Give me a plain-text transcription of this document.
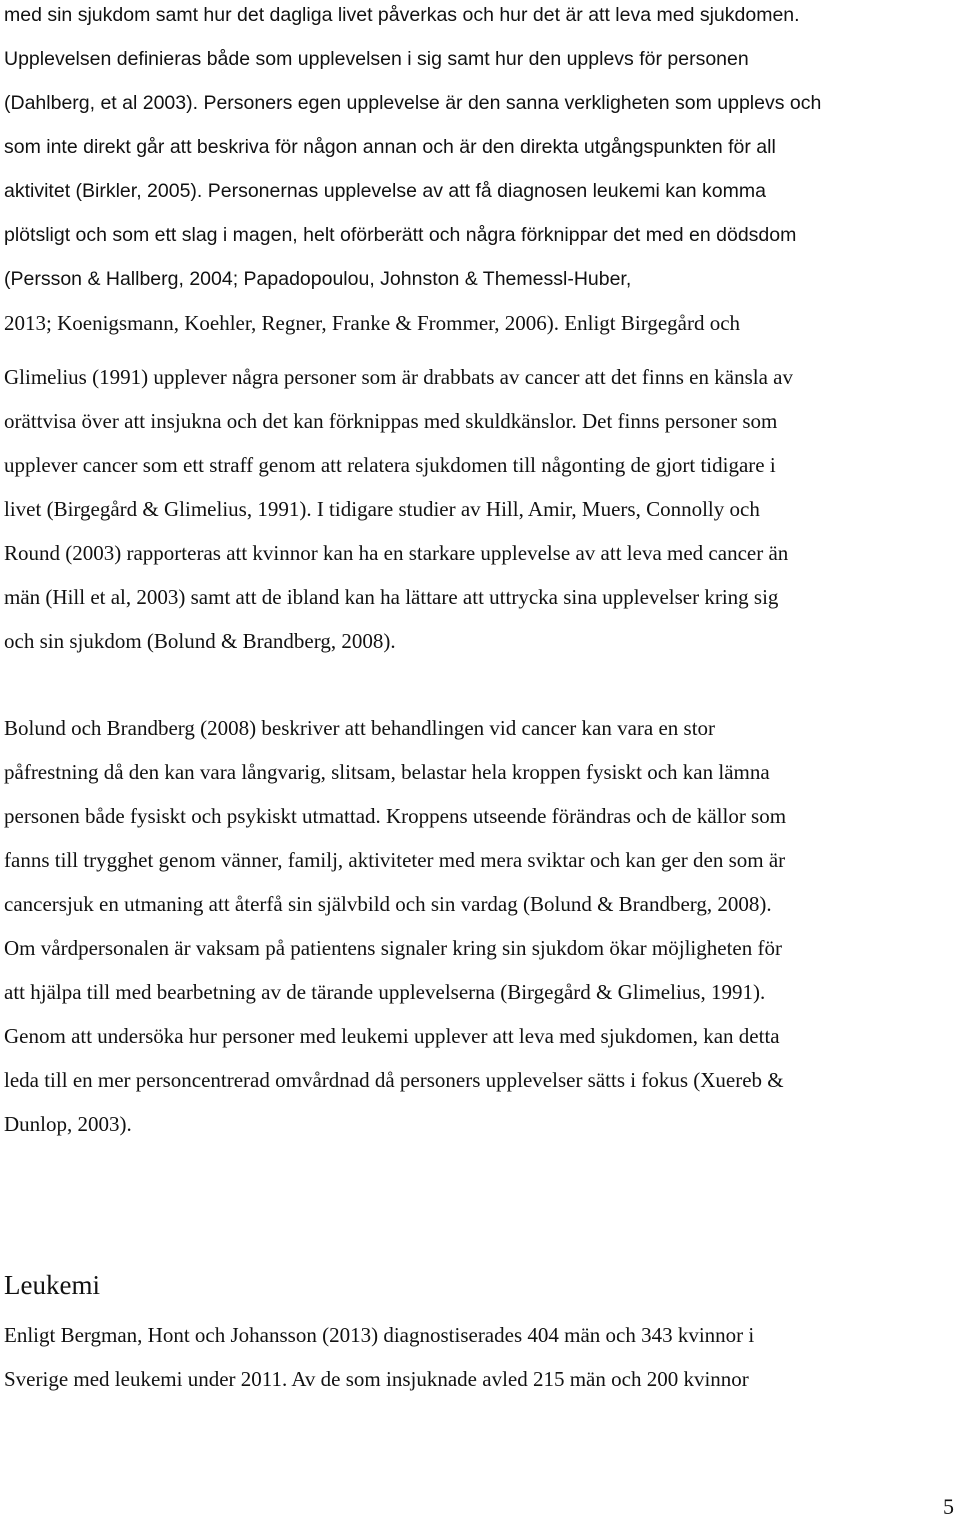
med sin sjukdom samt hur det dagliga livet påverkas och hur det är att leva med sjukdomen.
Upplevelsen definieras både som upplevelsen i sig samt hur den upplevs för personen
(Dahlberg, et al 2003). Personers egen upplevelse är den sanna verkligheten som upplevs och
som inte direkt går att beskriva för någon annan och är den direkta utgångspunkten för all
aktivitet (Birkler, 2005). Personernas upplevelse av att få diagnosen leukemi kan komma
plötsligt och som ett slag i magen, helt oförberätt och några förknippar det med en dödsdom
(Persson & Hallberg, 2004; Papadopoulou, Johnston & Themessl-Huber,
2013; Koenigsmann, Koehler, Regner, Franke & Frommer, 2006). Enligt Birgegård och
Glimelius (1991) upplever några personer som är drabbats av cancer att det finns en känsla av
orättvisa över att insjukna och det kan förknippas med skuldkänslor. Det finns personer som
upplever cancer som ett straff genom att relatera sjukdomen till någonting de gjort tidigare i
livet (Birgegård & Glimelius, 1991). I tidigare studier av Hill, Amir, Muers, Connolly och
Round (2003) rapporteras att kvinnor kan ha en starkare upplevelse av att leva med cancer än
män (Hill et al, 2003) samt att de ibland kan ha lättare att uttrycka sina upplevelser kring sig
och sin sjukdom (Bolund & Brandberg, 2008).
Bolund och Brandberg (2008) beskriver att behandlingen vid cancer kan vara en stor
påfrestning då den kan vara långvarig, slitsam, belastar hela kroppen fysiskt och kan lämna
personen både fysiskt och psykiskt utmattad. Kroppens utseende förändras och de källor som
fanns till trygghet genom vänner, familj, aktiviteter med mera sviktar och kan ger den som är
cancersjuk en utmaning att återfå sin självbild och sin vardag (Bolund & Brandberg, 2008).
Om vårdpersonalen är vaksam på patientens signaler kring sin sjukdom ökar möjligheten för
att hjälpa till med bearbetning av de tärande upplevelserna (Birgegård & Glimelius, 1991).
Genom att undersöka hur personer med leukemi upplever att leva med sjukdomen, kan detta
leda till en mer personcentrerad omvårdnad då personers upplevelser sätts i fokus (Xuereb &
Dunlop, 2003).
Leukemi
Enligt Bergman, Hont och Johansson (2013) diagnostiserades 404 män och 343 kvinnor i
Sverige med leukemi under 2011. Av de som insjuknade avled 215 män och 200 kvinnor
5
